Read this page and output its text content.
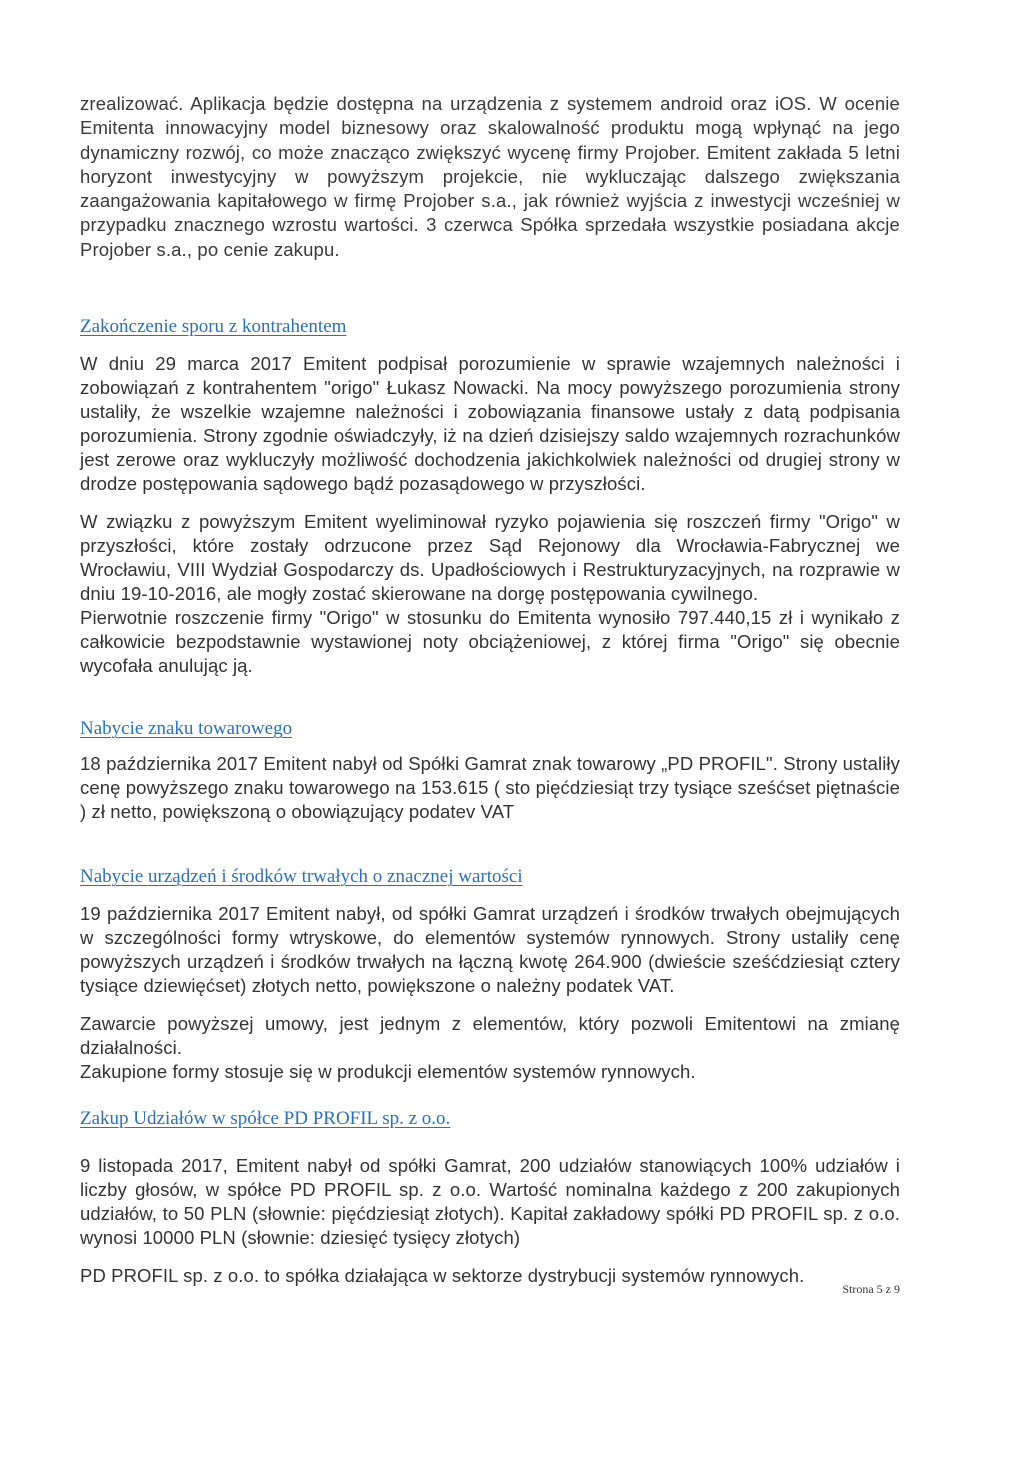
zrealizować. Aplikacja będzie dostępna na urządzenia z systemem android oraz iOS. W ocenie Emitenta innowacyjny model biznesowy oraz skalowalność produktu mogą wpłynąć na jego dynamiczny rozwój, co może znacząco zwiększyć wycenę firmy Projober. Emitent zakłada 5 letni horyzont inwestycyjny w powyższym projekcie, nie wykluczając dalszego zwiększania zaangażowania kapitałowego w firmę Projober s.a., jak również wyjścia z inwestycji wcześniej w przypadku znacznego wzrostu wartości. 3 czerwca Spółka sprzedała wszystkie posiadana akcje Projober s.a., po cenie zakupu.

Zakończenie sporu z kontrahentem

W dniu 29 marca 2017 Emitent podpisał porozumienie w sprawie wzajemnych należności i zobowiązań z kontrahentem "origo" Łukasz Nowacki. Na mocy powyższego porozumienia strony ustaliły, że wszelkie wzajemne należności i zobowiązania finansowe ustały z datą podpisania porozumienia. Strony zgodnie oświadczyły, iż na dzień dzisiejszy saldo wzajemnych rozrachunków jest zerowe oraz wykluczyły możliwość dochodzenia jakichkolwiek należności od drugiej strony w drodze postępowania sądowego bądź pozasądowego w przyszłości.

W związku z powyższym Emitent wyeliminował ryzyko pojawienia się roszczeń firmy "Origo" w przyszłości, które zostały odrzucone przez Sąd Rejonowy dla Wrocławia-Fabrycznej we Wrocławiu, VIII Wydział Gospodarczy ds. Upadłościowych i Restrukturyzacyjnych, na rozprawie w dniu 19-10-2016, ale mogły zostać skierowane na dorgę postępowania cywilnego.

Pierwotnie roszczenie firmy "Origo" w stosunku do Emitenta wynosiło 797.440,15 zł i wynikało z całkowicie bezpodstawnie wystawionej noty obciążeniowej, z której firma "Origo" się obecnie wycofała anulując ją.

Nabycie znaku towarowego

18 października 2017 Emitent nabył od Spółki Gamrat znak towarowy „PD PROFIL". Strony ustaliły cenę powyższego znaku towarowego na 153.615 ( sto pięćdziesiąt trzy tysiące sześćset piętnaście ) zł netto, powiększoną o obowiązujący podatev VAT

Nabycie urządzeń i środków trwałych o znacznej wartości

19 października 2017 Emitent nabył, od spółki Gamrat urządzeń i środków trwałych obejmujących w szczególności formy wtryskowe, do elementów systemów rynnowych. Strony ustaliły cenę powyższych urządzeń i środków trwałych na łączną kwotę 264.900 (dwieście sześćdziesiąt cztery tysiące dziewięćset) złotych netto, powiększone o należny podatek VAT.

Zawarcie powyższej umowy, jest jednym z elementów, który pozwoli Emitentowi na zmianę działalności.

Zakupione formy stosuje się w produkcji elementów systemów rynnowych.

Zakup Udziałów w spółce PD PROFIL sp. z o.o.

9 listopada 2017, Emitent nabył od spółki Gamrat, 200 udziałów stanowiących 100% udziałów i liczby głosów, w spółce PD PROFIL sp. z o.o. Wartość nominalna każdego z 200 zakupionych udziałów, to 50 PLN (słownie: pięćdziesiąt złotych). Kapitał zakładowy spółki PD PROFIL sp. z o.o. wynosi 10000 PLN (słownie: dziesięć tysięcy złotych)

PD PROFIL sp. z o.o. to spółka działająca w sektorze dystrybucji systemów rynnowych.

Strona 5 z 9
